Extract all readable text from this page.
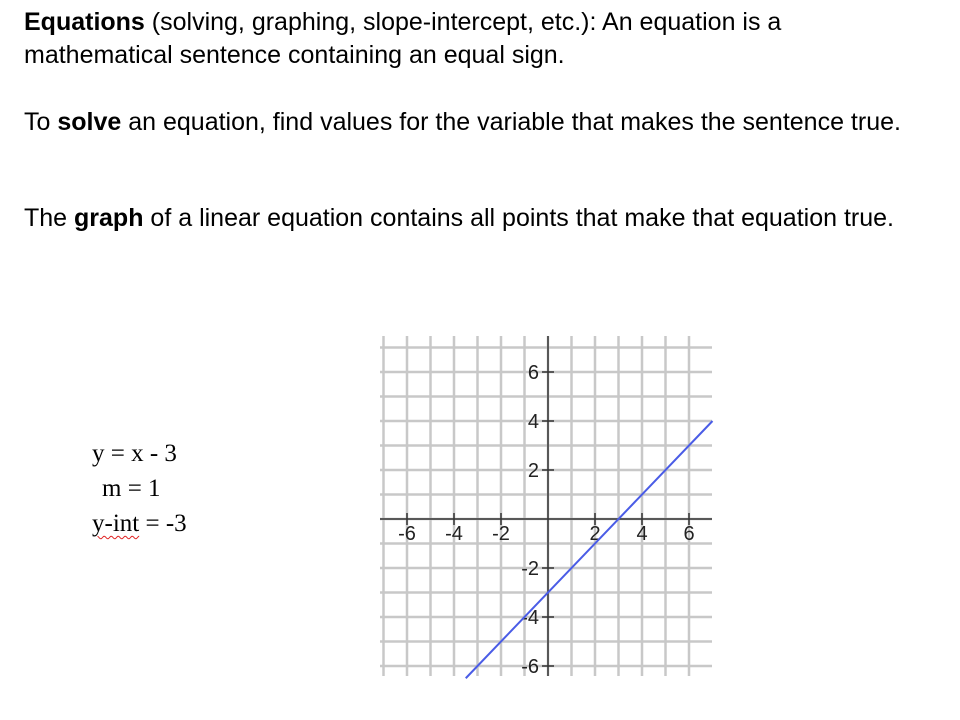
Equations (solving, graphing, slope-intercept, etc.): An equation is a mathematical sentence containing an equal sign.

To solve an equation, find values for the variable that makes the sentence true.

The graph of a linear equation contains all points that make that equation true.

y = x - 3
m = 1
y-int = -3	-6 -4 -2	2 4 6
6
4
2
-2
-4
-6
